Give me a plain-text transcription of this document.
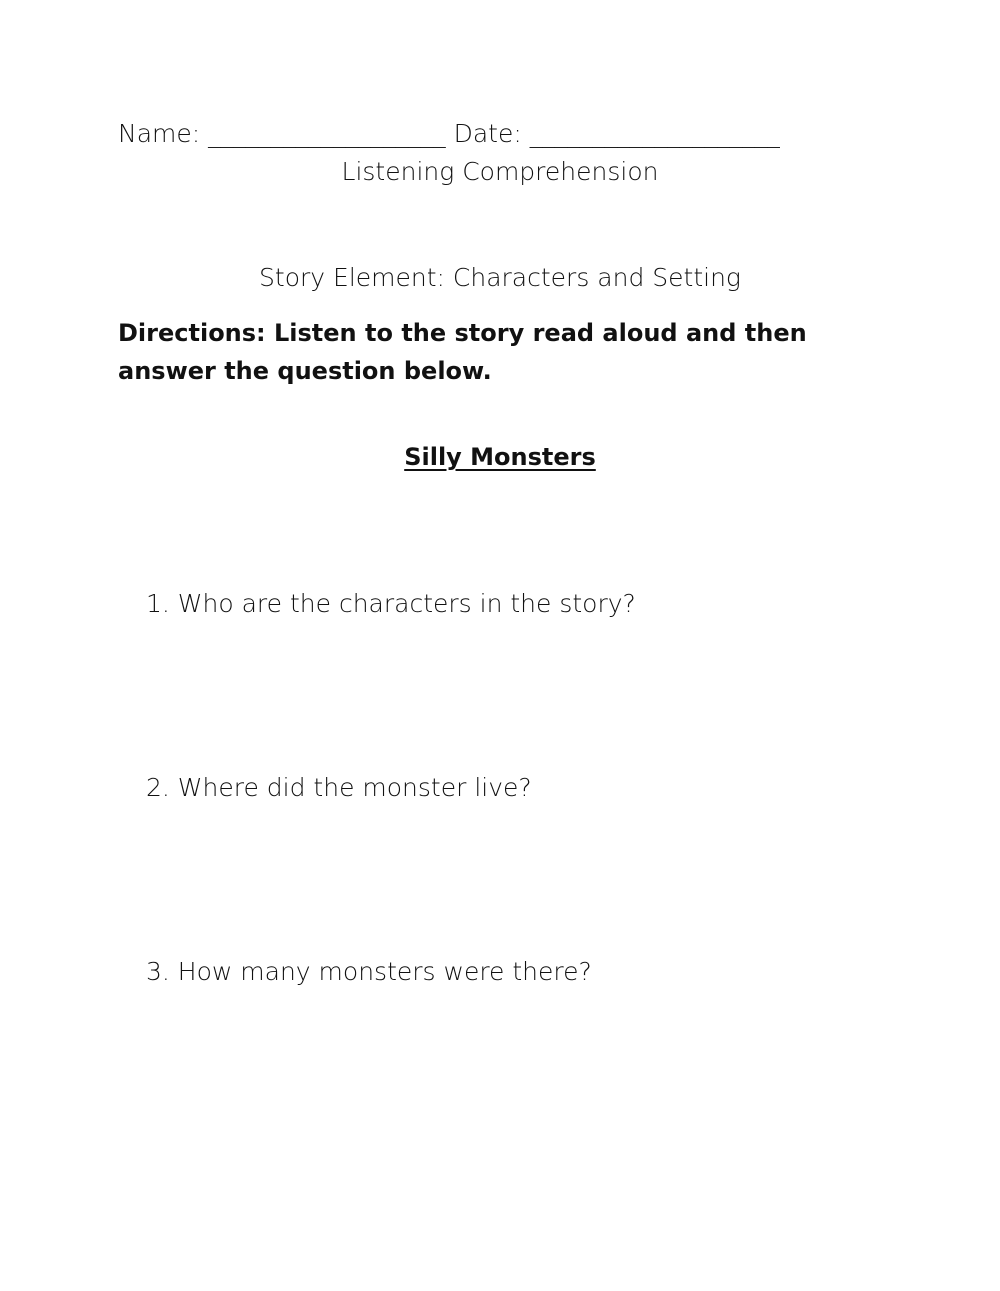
Name: ___________________ Date: ____________________
Listening Comprehension
Story Element: Characters and Setting
Directions: Listen to the story read aloud and then answer the question below.
Silly Monsters
1. Who are the characters in the story?
2. Where did the monster live?
3. How many monsters were there?
